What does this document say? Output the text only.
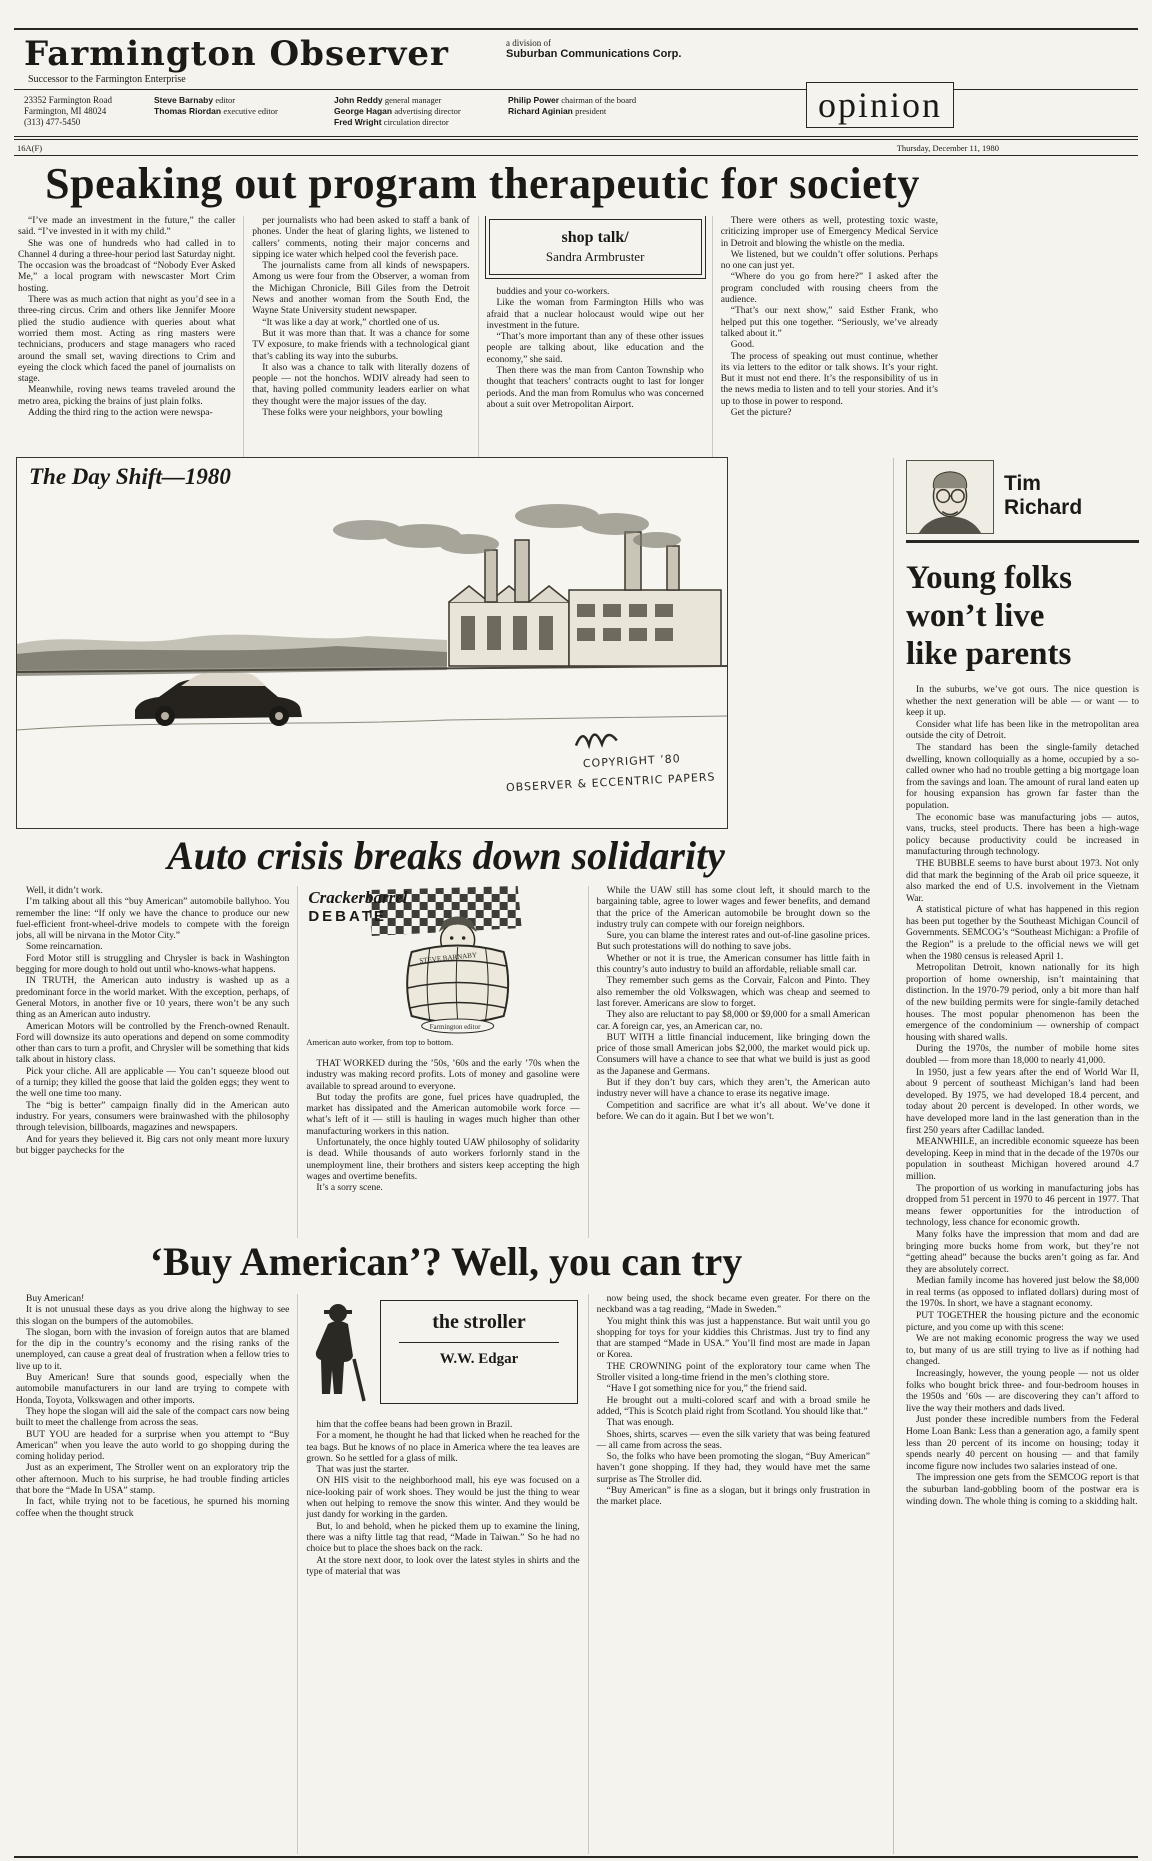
Farmington Observer
Successor to the Farmington Enterprise
a division of
Suburban Communications Corp.
23352 Farmington Road
Farmington, MI 48024
(313) 477-5450
Steve Barnaby editor
Thomas Riordan executive editor
John Reddy general manager
George Hagan advertising director
Fred Wright circulation director
Philip Power chairman of the board
Richard Aginian president	opinion
16A(F)	Thursday, December 11, 1980
Speaking out program therapeutic for society

“I’ve made an investment in the future,” the caller said. “I’ve invested in it with my child.”

She was one of hundreds who had called in to Channel 4 during a three-hour period last Saturday night. The occasion was the broadcast of “Nobody Ever Asked Me,” a local program with newscaster Mort Crim hosting.

There was as much action that night as you’d see in a three-ring circus. Crim and others like Jennifer Moore plied the studio audience with queries about what worried them most. Acting as ring masters were technicians, producers and stage managers who raced around the small set, waving directions to Crim and eyeing the clock which faced the panel of journalists on stage.

Meanwhile, roving news teams traveled around the metro area, picking the brains of just plain folks.

Adding the third ring to the action were newspa-

per journalists who had been asked to staff a bank of phones. Under the heat of glaring lights, we listened to callers’ comments, noting their major concerns and sipping ice water which helped cool the feverish pace.

The journalists came from all kinds of newspapers. Among us were four from the Observer, a woman from the Michigan Chronicle, Bill Giles from the Detroit News and another woman from the South End, the Wayne State University student newspaper.

“It was like a day at work,” chortled one of us.

But it was more than that. It was a chance for some TV exposure, to make friends with a technological giant that’s cabling its way into the suburbs.

It also was a chance to talk with literally dozens of people — not the honchos. WDIV already had seen to that, having polled community leaders earlier on what they thought were the major issues of the day.

These folks were your neighbors, your bowling

shop talk/
Sandra Armbruster

buddies and your co-workers.

Like the woman from Farmington Hills who was afraid that a nuclear holocaust would wipe out her investment in the future.

“That’s more important than any of these other issues people are talking about, like education and the economy,” she said.

Then there was the man from Canton Township who thought that teachers’ contracts ought to last for longer periods. And the man from Romulus who was concerned about a suit over Metropolitan Airport.

There were others as well, protesting toxic waste, criticizing improper use of Emergency Medical Service in Detroit and blowing the whistle on the media.

We listened, but we couldn’t offer solutions. Perhaps no one can just yet.

“Where do you go from here?” I asked after the program concluded with rousing cheers from the audience.

“That’s our next show,” said Esther Frank, who helped put this one together. “Seriously, we’ve already talked about it.”

Good.

The process of speaking out must continue, whether its via letters to the editor or talk shows. It’s your right. But it must not end there. It’s the responsibility of us in the news media to listen and to tell your stories. And it’s up to those in power to respond.

Get the picture?

The Day Shift—1980
COPYRIGHT ’80
OBSERVER & ECCENTRIC PAPERS
Tim
Richard
Young folks
won’t live
like parents

In the suburbs, we’ve got ours. The nice question is whether the next generation will be able — or want — to keep it up.

Consider what life has been like in the metropolitan area outside the city of Detroit.

The standard has been the single-family detached dwelling, known colloquially as a home, occupied by a so-called owner who had no trouble getting a big mortgage loan from the savings and loan. The amount of rural land eaten up for housing expansion has grown far faster than the population.

The economic base was manufacturing jobs — autos, vans, trucks, steel products. There has been a high-wage policy because productivity could be increased in manufacturing through technology.

THE BUBBLE seems to have burst about 1973. Not only did that mark the beginning of the Arab oil price squeeze, it also marked the end of U.S. involvement in the Vietnam War.

A statistical picture of what has happened in this region has been put together by the Southeast Michigan Council of Governments. SEMCOG’s “Southeast Michigan: a Profile of the Region” is a prelude to the official news we will get when the 1980 census is released April 1.

Metropolitan Detroit, known nationally for its high proportion of home ownership, isn’t maintaining that distinction. In the 1970-79 period, only a bit more than half of the new building permits were for single-family detached houses. The most popular phenomenon has been the emergence of the condominium — ownership of compact housing with shared walls.

During the 1970s, the number of mobile home sites doubled — from more than 18,000 to nearly 41,000.

In 1950, just a few years after the end of World War II, about 9 percent of southeast Michigan’s land had been developed. By 1975, we had developed 18.4 percent, and today about 20 percent is developed. In other words, we have developed more land in the last generation than in the first 250 years after Cadillac landed.

MEANWHILE, an incredible economic squeeze has been developing. Keep in mind that in the decade of the 1970s our population in southeast Michigan hovered around 4.7 million.

The proportion of us working in manufacturing jobs has dropped from 51 percent in 1970 to 46 percent in 1977. That means fewer opportunities for the introduction of technology, less chance for economic growth.

Many folks have the impression that mom and dad are bringing more bucks home from work, but they’re not “getting ahead” because the bucks aren’t going as far. And they are absolutely correct.

Median family income has hovered just below the $8,000 in real terms (as opposed to inflated dollars) during most of the 1970s. In short, we have a stagnant economy.

PUT TOGETHER the housing picture and the economic picture, and you come up with this scene:

We are not making economic progress the way we used to, but many of us are still trying to live as if nothing had changed.

Increasingly, however, the young people — not us older folks who bought brick three- and four-bedroom houses in the 1950s and ’60s — are discovering they can’t afford to live the way their mothers and dads lived.

Just ponder these incredible numbers from the Federal Home Loan Bank: Less than a generation ago, a family spent less than 20 percent of its income on housing; today it spends nearly 40 percent on housing — and that family income figure now includes two salaries instead of one.

The impression one gets from the SEMCOG report is that the suburban land-gobbling boom of the postwar era is winding down. The whole thing is coming to a skidding halt.

Auto crisis breaks down solidarity

Well, it didn’t work.

I’m talking about all this “buy American” automobile ballyhoo. You remember the line: “If only we have the chance to produce our new fuel-efficient front-wheel-drive models to compete with the foreign jobs, all will be nirvana in the Motor City.”

Some reincarnation.

Ford Motor still is struggling and Chrysler is back in Washington begging for more dough to hold out until who-knows-what happens.

IN TRUTH, the American auto industry is washed up as a predominant force in the world market. With the exception, perhaps, of General Motors, in another five or 10 years, there won’t be any such thing as an American auto industry.

American Motors will be controlled by the French-owned Renault. Ford will downsize its auto operations and depend on some commodity other than cars to turn a profit, and Chrysler will be something that kids talk about in history class.

Pick your cliche. All are applicable — You can’t squeeze blood out of a turnip; they killed the goose that laid the golden eggs; they went to the well one time too many.

The “big is better” campaign finally did in the American auto industry. For years, consumers were brainwashed with the philosophy through television, billboards, magazines and newspapers.

And for years they believed it. Big cars not only meant more luxury but bigger paychecks for the

Crackerbarrel
DEBATE
STEVE BARNABY
Farmington editor
American auto worker, from top to bottom.

THAT WORKED during the ’50s, ’60s and the early ’70s when the industry was making record profits. Lots of money and gasoline were available to spread around to everyone.

But today the profits are gone, fuel prices have quadrupled, the market has dissipated and the American automobile work force — what’s left of it — still is hauling in wages much higher than other manufacturing workers in this nation.

Unfortunately, the once highly touted UAW philosophy of solidarity is dead. While thousands of auto workers forlornly stand in the unemployment line, their brothers and sisters keep accepting the high wages and overtime benefits.

It’s a sorry scene.

While the UAW still has some clout left, it should march to the bargaining table, agree to lower wages and fewer benefits, and demand that the price of the American automobile be brought down so the industry truly can compete with our foreign neighbors.

Sure, you can blame the interest rates and out-of-line gasoline prices. But such protestations will do nothing to save jobs.

Whether or not it is true, the American consumer has little faith in this country’s auto industry to build an affordable, reliable small car.

They remember such gems as the Corvair, Falcon and Pinto. They also remember the old Volkswagen, which was cheap and seemed to last forever. Americans are slow to forget.

They also are reluctant to pay $8,000 or $9,000 for a small American car. A foreign car, yes, an American car, no.

BUT WITH a little financial inducement, like bringing down the price of those small American jobs $2,000, the market would pick up. Consumers will have a chance to see that what we build is just as good as the Japanese and Germans.

But if they don’t buy cars, which they aren’t, the American auto industry never will have a chance to erase its negative image.

Competition and sacrifice are what it’s all about. We’ve done it before. We can do it again. But I bet we won’t.

‘Buy American’? Well, you can try

Buy American!

It is not unusual these days as you drive along the highway to see this slogan on the bumpers of the automobiles.

The slogan, born with the invasion of foreign autos that are blamed for the dip in the country’s economy and the rising ranks of the unemployed, can cause a great deal of frustration when a fellow tries to live up to it.

Buy American! Sure that sounds good, especially when the automobile manufacturers in our land are trying to compete with Honda, Toyota, Volkswagen and other imports.

They hope the slogan will aid the sale of the compact cars now being built to meet the challenge from across the seas.

BUT YOU are headed for a surprise when you attempt to “Buy American” when you leave the auto world to go shopping during the coming holiday period.

Just as an experiment, The Stroller went on an exploratory trip the other afternoon. Much to his surprise, he had trouble finding articles that bore the “Made In USA” stamp.

In fact, while trying not to be facetious, he spurned his morning coffee when the thought struck

the stroller
W.W. Edgar

him that the coffee beans had been grown in Brazil.

For a moment, he thought he had that licked when he reached for the tea bags. But he knows of no place in America where the tea leaves are grown. So he settled for a glass of milk.

That was just the starter.

ON HIS visit to the neighborhood mall, his eye was focused on a nice-looking pair of work shoes. They would be just the thing to wear when out helping to remove the snow this winter. And they would be just dandy for working in the garden.

But, lo and behold, when he picked them up to examine the lining, there was a nifty little tag that read, “Made in Taiwan.” So he had no choice but to place the shoes back on the rack.

At the store next door, to look over the latest styles in shirts and the type of material that was

now being used, the shock became even greater. For there on the neckband was a tag reading, “Made in Sweden.”

You might think this was just a happenstance. But wait until you go shopping for toys for your kiddies this Christmas. Just try to find any that are stamped “Made in USA.” You’ll find most are made in Japan or Korea.

THE CROWNING point of the exploratory tour came when The Stroller visited a long-time friend in the men’s clothing store.

“Have I got something nice for you,” the friend said.

He brought out a multi-colored scarf and with a broad smile he added, “This is Scotch plaid right from Scotland. You should like that.”

That was enough.

Shoes, shirts, scarves — even the silk variety that was being featured — all came from across the seas.

So, the folks who have been promoting the slogan, “Buy American” haven’t gone shopping. If they had, they would have met the same surprise as The Stroller did.

“Buy American” is fine as a slogan, but it brings only frustration in the market place.
